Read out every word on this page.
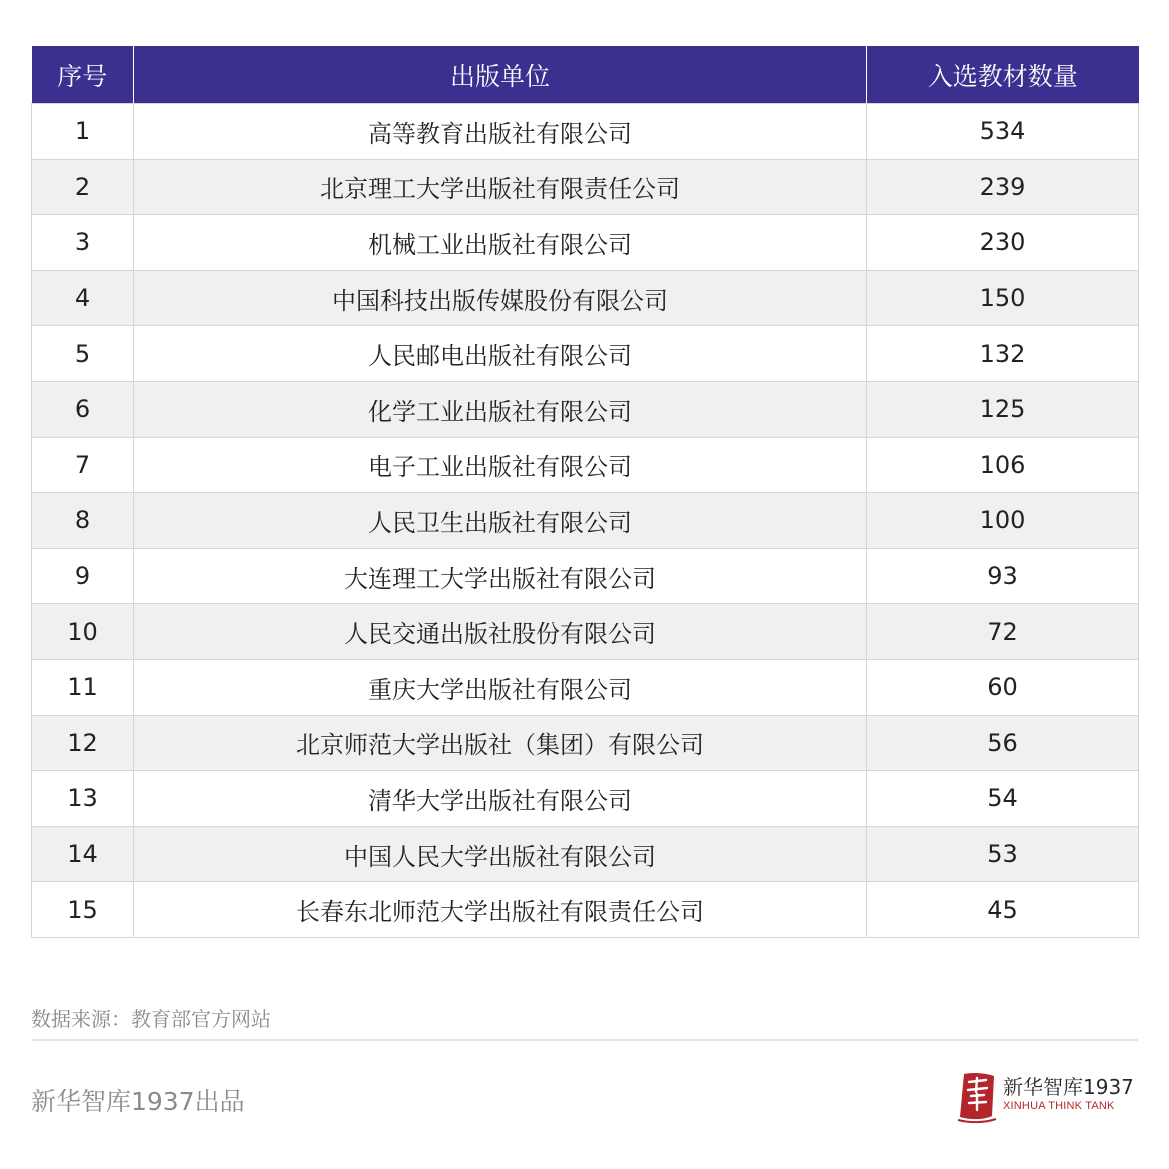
序号	出版单位	入选教材数量
1	高等教育出版社有限公司	534
2	北京理工大学出版社有限责任公司	239
3	机械工业出版社有限公司	230
4	中国科技出版传媒股份有限公司	150
5	人民邮电出版社有限公司	132
6	化学工业出版社有限公司	125
7	电子工业出版社有限公司	106
8	人民卫生出版社有限公司	100
9	大连理工大学出版社有限公司	93
10	人民交通出版社股份有限公司	72
11	重庆大学出版社有限公司	60
12	北京师范大学出版社（集团）有限公司	56
13	清华大学出版社有限公司	54
14	中国人民大学出版社有限公司	53
15	长春东北师范大学出版社有限责任公司	45
数据来源：教育部官方网站
新华智库1937出品	新华智库1937
XINHUA THINK TANK
